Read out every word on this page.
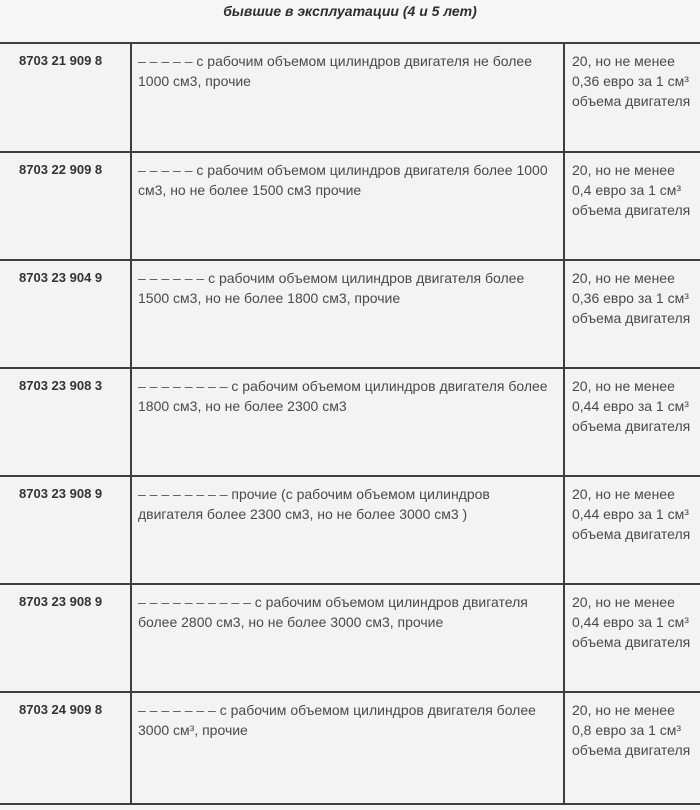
бывшие в эксплуатации (4 и 5 лет)
8703 21 909 8	– – – – – с рабочим объемом цилиндров двигателя не более 1000 см3, прочие	20, но не менее 0,36 евро за 1 см³ объема двигателя
8703 22 909 8	– – – – – с рабочим объемом цилиндров двигателя более 1000 см3, но не более 1500 см3 прочие	20, но не менее 0,4 евро за 1 см³ объема двигателя
8703 23 904 9	– – – – – – с рабочим объемом цилиндров двигателя более 1500 см3, но не более 1800 см3, прочие	20, но не менее 0,36 евро за 1 см³ объема двигателя
8703 23 908 3	– – – – – – – – с рабочим объемом цилиндров двигателя более 1800 см3, но не более 2300 см3	20, но не менее 0,44 евро за 1 см³ объема двигателя
8703 23 908 9	– – – – – – – – прочие (с рабочим объемом цилиндров двигателя более 2300 см3, но не более 3000 см3 )	20, но не менее 0,44 евро за 1 см³ объема двигателя
8703 23 908 9	– – – – – – – – – – с рабочим объемом цилиндров двигателя более 2800 см3, но не более 3000 см3, прочие	20, но не менее 0,44 евро за 1 см³ объема двигателя
8703 24 909 8	– – – – – – – с рабочим объемом цилиндров двигателя более 3000 см³, прочие	20, но не менее 0,8 евро за 1 см³ объема двигателя
